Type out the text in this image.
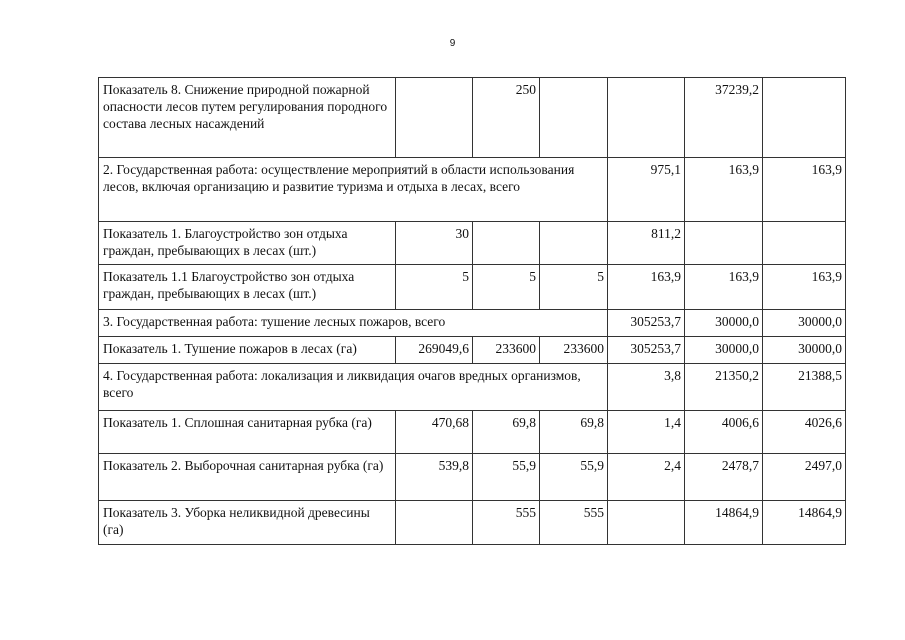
9
Показатель 8. Снижение природной пожарной опасности лесов путем регулирования породного состава лесных насаждений		250			37239,2	
2. Государственная работа: осуществление мероприятий в области использования лесов, включая организацию и развитие туризма и отдыха в лесах, всего				975,1	163,9	163,9
Показатель 1. Благоустройство зон отдыха граждан, пребывающих в лесах (шт.)	30			811,2		
Показатель 1.1 Благоустройство зон отдыха граждан, пребывающих в лесах (шт.)	5	5	5	163,9	163,9	163,9
3. Государственная работа: тушение лесных пожаров, всего				305253,7	30000,0	30000,0
Показатель 1. Тушение пожаров в лесах (га)	269049,6	233600	233600	305253,7	30000,0	30000,0
4. Государственная работа: локализация и ликвидация очагов вредных организмов, всего				3,8	21350,2	21388,5
Показатель 1. Сплошная санитарная рубка (га)	470,68	69,8	69,8	1,4	4006,6	4026,6
Показатель 2. Выборочная санитарная рубка (га)	539,8	55,9	55,9	2,4	2478,7	2497,0
Показатель 3. Уборка неликвидной древесины (га)		555	555		14864,9	14864,9
